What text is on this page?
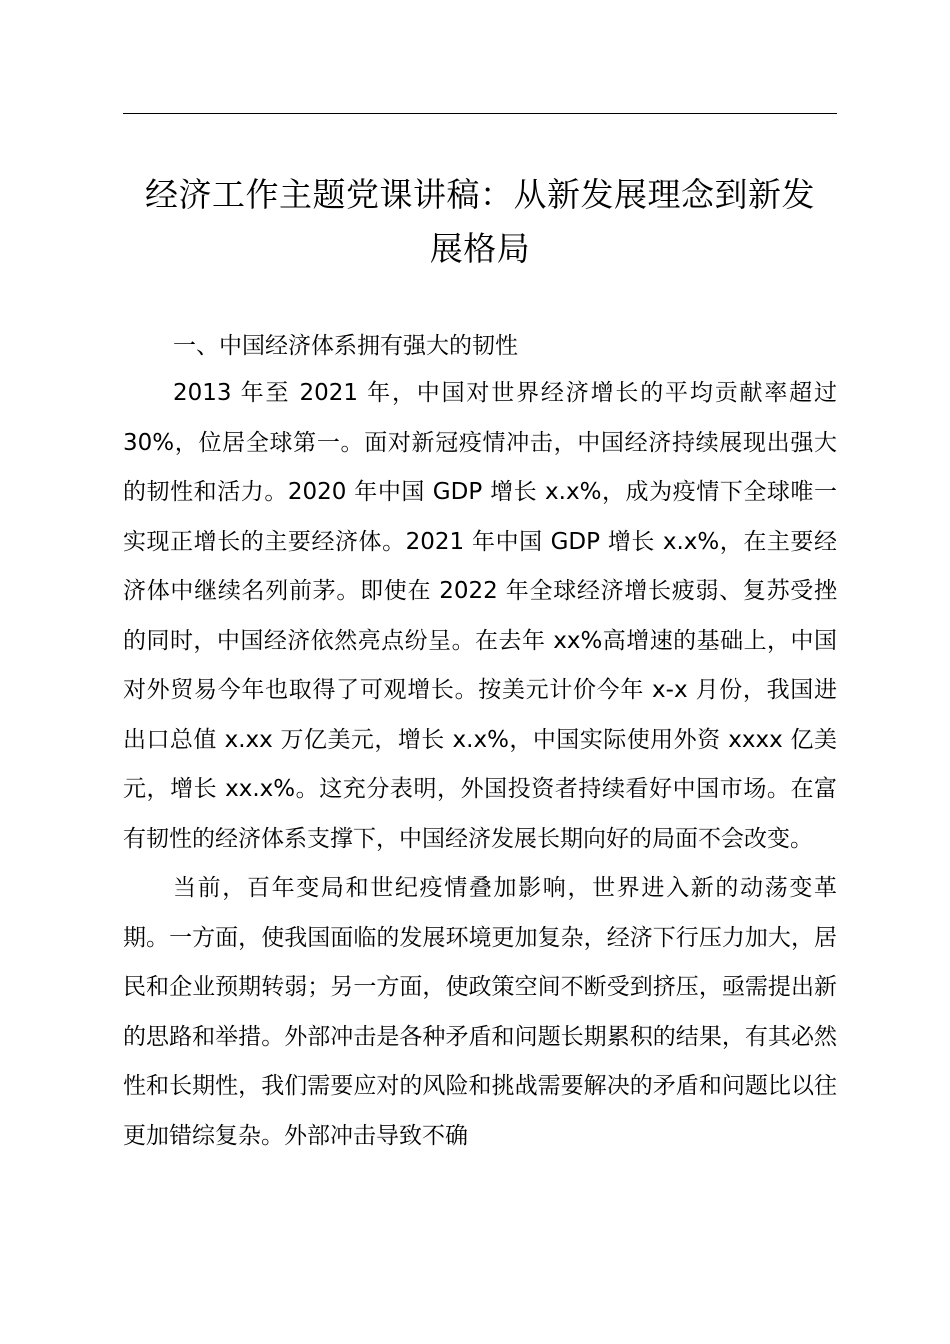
经济工作主题党课讲稿：从新发展理念到新发
展格局
一、中国经济体系拥有强大的韧性

2013 年至 2021 年，中国对世界经济增长的平均贡献率超过 30%，位居全球第一。面对新冠疫情冲击，中国经济持续展现出强大的韧性和活力。2020 年中国 GDP 增长 x.x%，成为疫情下全球唯一实现正增长的主要经济体。2021 年中国 GDP 增长 x.x%，在主要经济体中继续名列前茅。即使在 2022 年全球经济增长疲弱、复苏受挫的同时，中国经济依然亮点纷呈。在去年 xx%高增速的基础上，中国对外贸易今年也取得了可观增长。按美元计价今年 x-x 月份，我国进出口总值 x.xx 万亿美元，增长 x.x%，中国实际使用外资 xxxx 亿美元，增长 xx.x%。这充分表明，外国投资者持续看好中国市场。在富有韧性的经济体系支撑下，中国经济发展长期向好的局面不会改变。

当前，百年变局和世纪疫情叠加影响，世界进入新的动荡变革期。一方面，使我国面临的发展环境更加复杂，经济下行压力加大，居民和企业预期转弱；另一方面，使政策空间不断受到挤压，亟需提出新的思路和举措。外部冲击是各种矛盾和问题长期累积的结果，有其必然性和长期性，我们需要应对的风险和挑战需要解决的矛盾和问题比以往更加错综复杂。外部冲击导致不确
